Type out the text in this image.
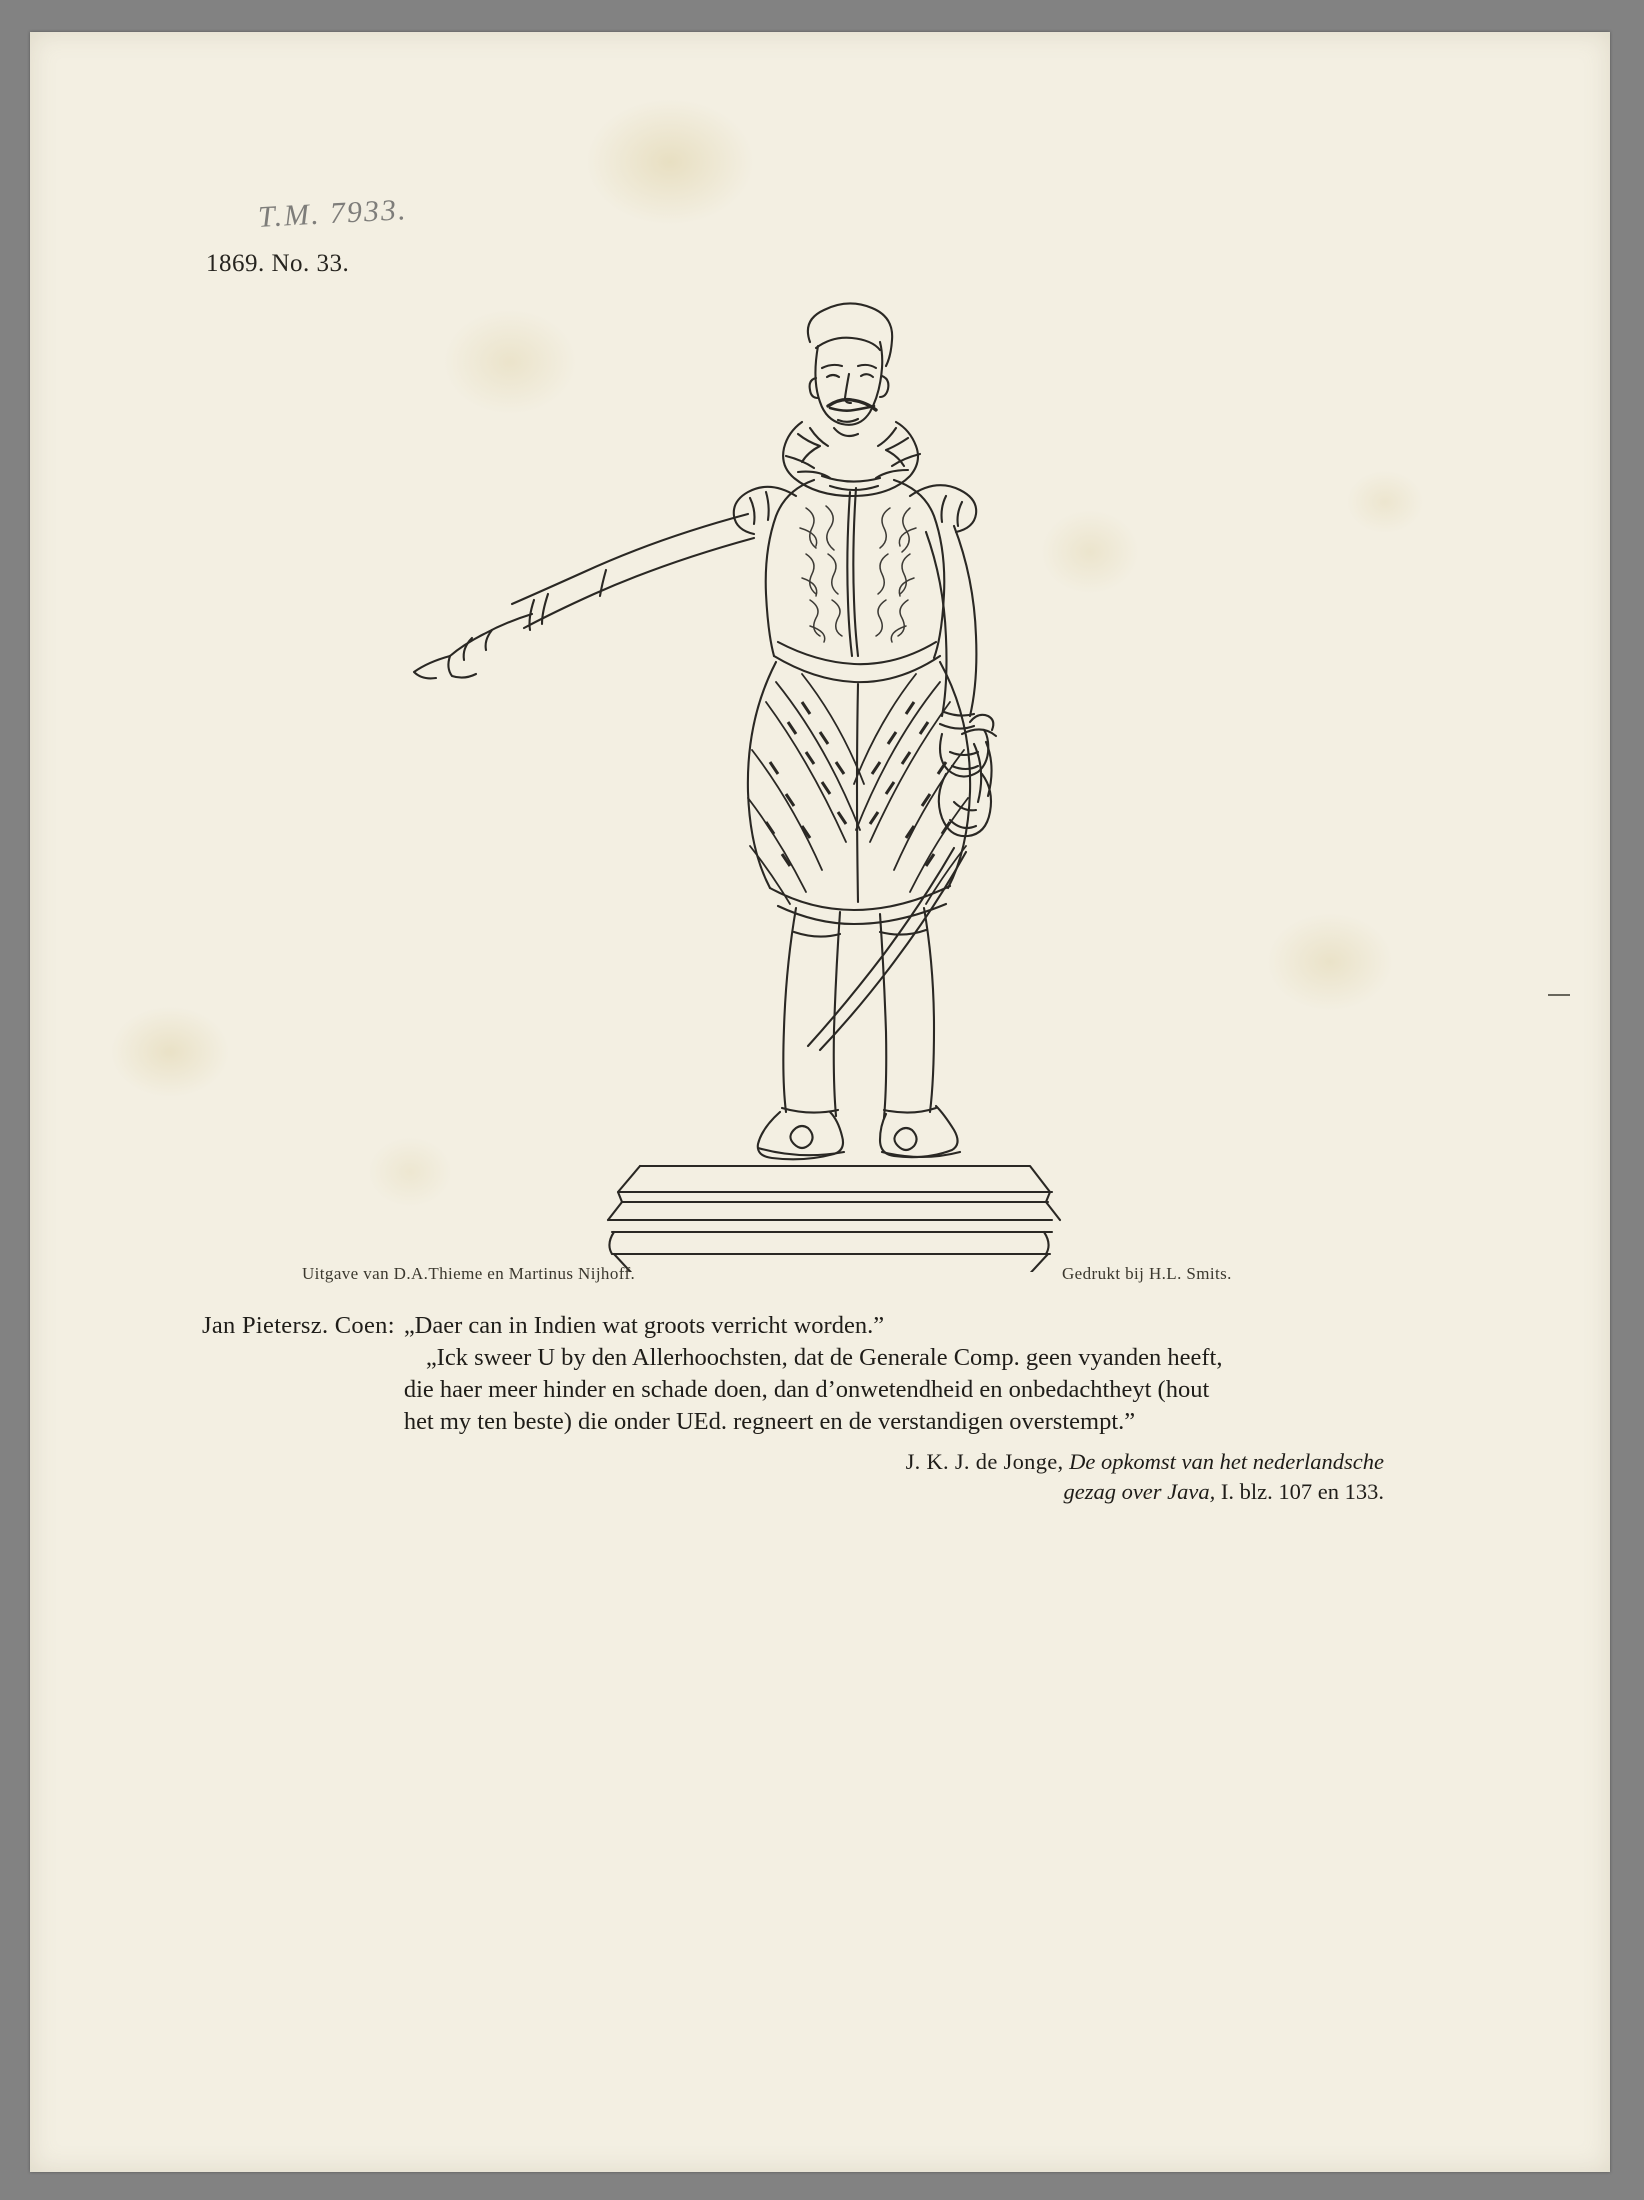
T.M. 7933.
1869. No. 33.
Uitgave van D.A.Thieme en Martinus Nijhoff.	Gedrukt bij H.L. Smits.
Jan Pietersz. Coen: „Daer can in Indien wat groots verricht worden.”
„Ick sweer U by den Allerhoochsten, dat de Generale Comp. geen vyanden heeft,
die haer meer hinder en schade doen, dan d’onwetendheid en onbedachtheyt (hout
het my ten beste) die onder UEd. regneert en de verstandigen overstempt.”
J. K. J. de Jonge, De opkomst van het nederlandsche
gezag over Java, I. blz. 107 en 133.
